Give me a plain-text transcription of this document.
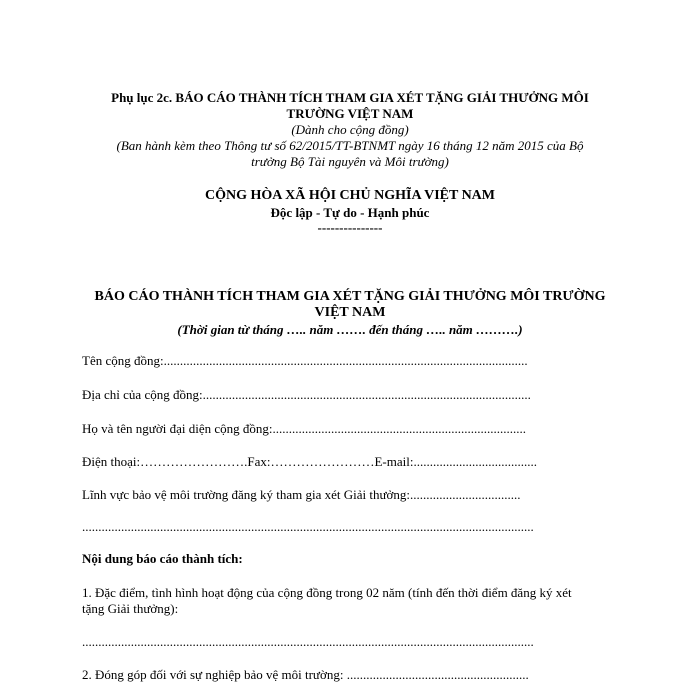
Phụ lục 2c. BÁO CÁO THÀNH TÍCH THAM GIA XÉT TẶNG GIẢI THƯỞNG MÔI
TRƯỜNG VIỆT NAM
(Dành cho cộng đồng)
(Ban hành kèm theo Thông tư số 62/2015/TT-BTNMT ngày 16 tháng 12 năm 2015 của Bộ
trưởng Bộ Tài nguyên và Môi trường)
CỘNG HÒA XÃ HỘI CHỦ NGHĨA VIỆT NAM
Độc lập - Tự do - Hạnh phúc
---------------
BÁO CÁO THÀNH TÍCH THAM GIA XÉT TẶNG GIẢI THƯỞNG MÔI TRƯỜNG
VIỆT NAM
(Thời gian từ tháng ….. năm ……. đến tháng ….. năm ……….)
Tên cộng đồng:................................................................................................................
Địa chỉ của cộng đồng:.....................................................................................................
Họ và tên người đại diện cộng đồng:..............................................................................
Điện thoại:…………………….Fax:……………………E-mail:......................................
Lĩnh vực bảo vệ môi trường đăng ký tham gia xét Giải thưởng:..................................
...........................................................................................................................................
Nội dung báo cáo thành tích:
1. Đặc điểm, tình hình hoạt động của cộng đồng trong 02 năm (tính đến thời điểm đăng ký xét
tặng Giải thưởng):
...........................................................................................................................................
2. Đóng góp đối với sự nghiệp bảo vệ môi trường: ........................................................
